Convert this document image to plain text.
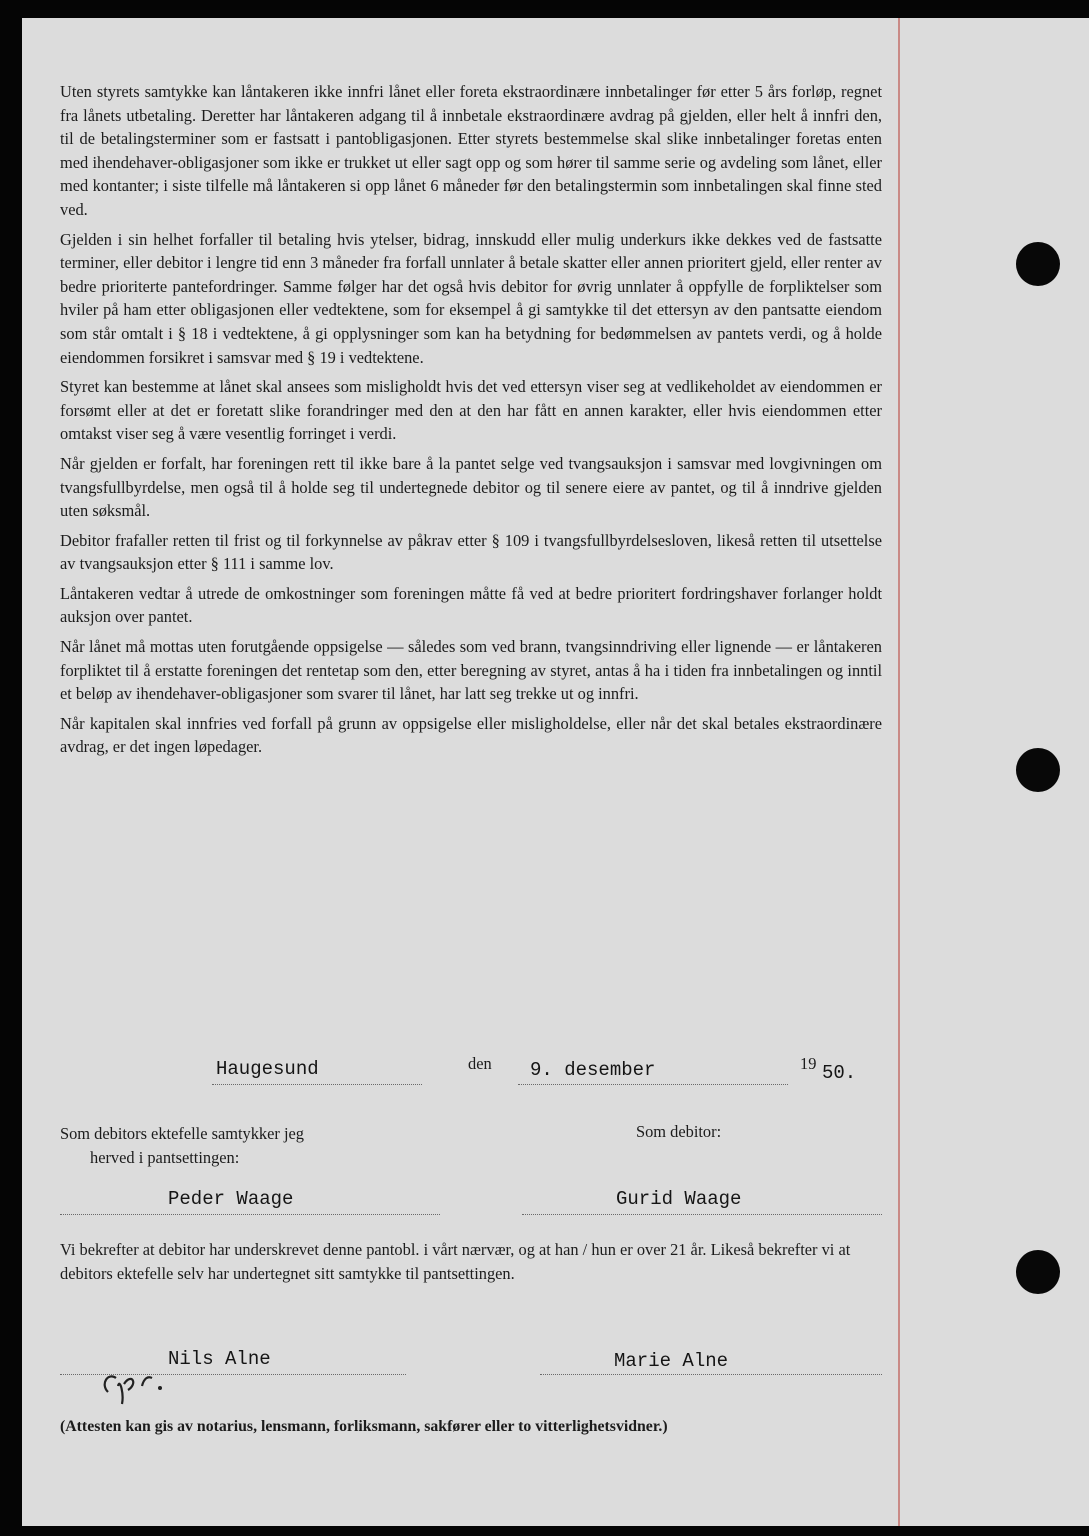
Uten styrets samtykke kan låntakeren ikke innfri lånet eller foreta ekstraordinære innbetalinger før etter 5 års forløp, regnet fra lånets utbetaling. Deretter har låntakeren adgang til å innbetale ekstraordinære avdrag på gjelden, eller helt å innfri den, til de betalingsterminer som er fastsatt i pantobligasjonen. Etter styrets bestemmelse skal slike innbetalinger foretas enten med ihendehaver-obligasjoner som ikke er trukket ut eller sagt opp og som hører til samme serie og avdeling som lånet, eller med kontanter; i siste tilfelle må låntakeren si opp lånet 6 måneder før den betalingstermin som innbetalingen skal finne sted ved.

Gjelden i sin helhet forfaller til betaling hvis ytelser, bidrag, innskudd eller mulig underkurs ikke dekkes ved de fastsatte terminer, eller debitor i lengre tid enn 3 måneder fra forfall unnlater å betale skatter eller annen prioritert gjeld, eller renter av bedre prioriterte pantefordringer. Samme følger har det også hvis debitor for øvrig unnlater å oppfylle de forpliktelser som hviler på ham etter obligasjonen eller vedtektene, som for eksempel å gi samtykke til det ettersyn av den pantsatte eiendom som står omtalt i § 18 i vedtektene, å gi opplysninger som kan ha betydning for bedømmelsen av pantets verdi, og å holde eiendommen forsikret i samsvar med § 19 i vedtektene.

Styret kan bestemme at lånet skal ansees som misligholdt hvis det ved ettersyn viser seg at vedlikeholdet av eiendommen er forsømt eller at det er foretatt slike forandringer med den at den har fått en annen karakter, eller hvis eiendommen etter omtakst viser seg å være vesentlig forringet i verdi.

Når gjelden er forfalt, har foreningen rett til ikke bare å la pantet selge ved tvangsauksjon i samsvar med lovgivningen om tvangsfullbyrdelse, men også til å holde seg til undertegnede debitor og til senere eiere av pantet, og til å inndrive gjelden uten søksmål.

Debitor frafaller retten til frist og til forkynnelse av påkrav etter § 109 i tvangsfullbyrdelsesloven, likeså retten til utsettelse av tvangsauksjon etter § 111 i samme lov.

Låntakeren vedtar å utrede de omkostninger som foreningen måtte få ved at bedre prioritert fordringshaver forlanger holdt auksjon over pantet.

Når lånet må mottas uten forutgående oppsigelse — således som ved brann, tvangsinndriving eller lignende — er låntakeren forpliktet til å erstatte foreningen det rentetap som den, etter beregning av styret, antas å ha i tiden fra innbetalingen og inntil et beløp av ihendehaver-obligasjoner som svarer til lånet, har latt seg trekke ut og innfri.

Når kapitalen skal innfries ved forfall på grunn av oppsigelse eller misligholdelse, eller når det skal betales ekstraordinære avdrag, er det ingen løpedager.

Haugesund	den 9. desember	19 50.
Som debitors ektefelle samtykker jeg
herved i pantsettingen:
Som debitor:
Peder Waage	Gurid Waage
Vi bekrefter at debitor har underskrevet denne pantobl. i vårt nærvær, og at han / hun er over 21 år. Likeså bekrefter vi at debitors ektefelle selv har undertegnet sitt samtykke til pantsettingen.
Nils Alne	Marie Alne
(Attesten kan gis av notarius, lensmann, forliksmann, sakfører eller to vitterlighetsvidner.)
